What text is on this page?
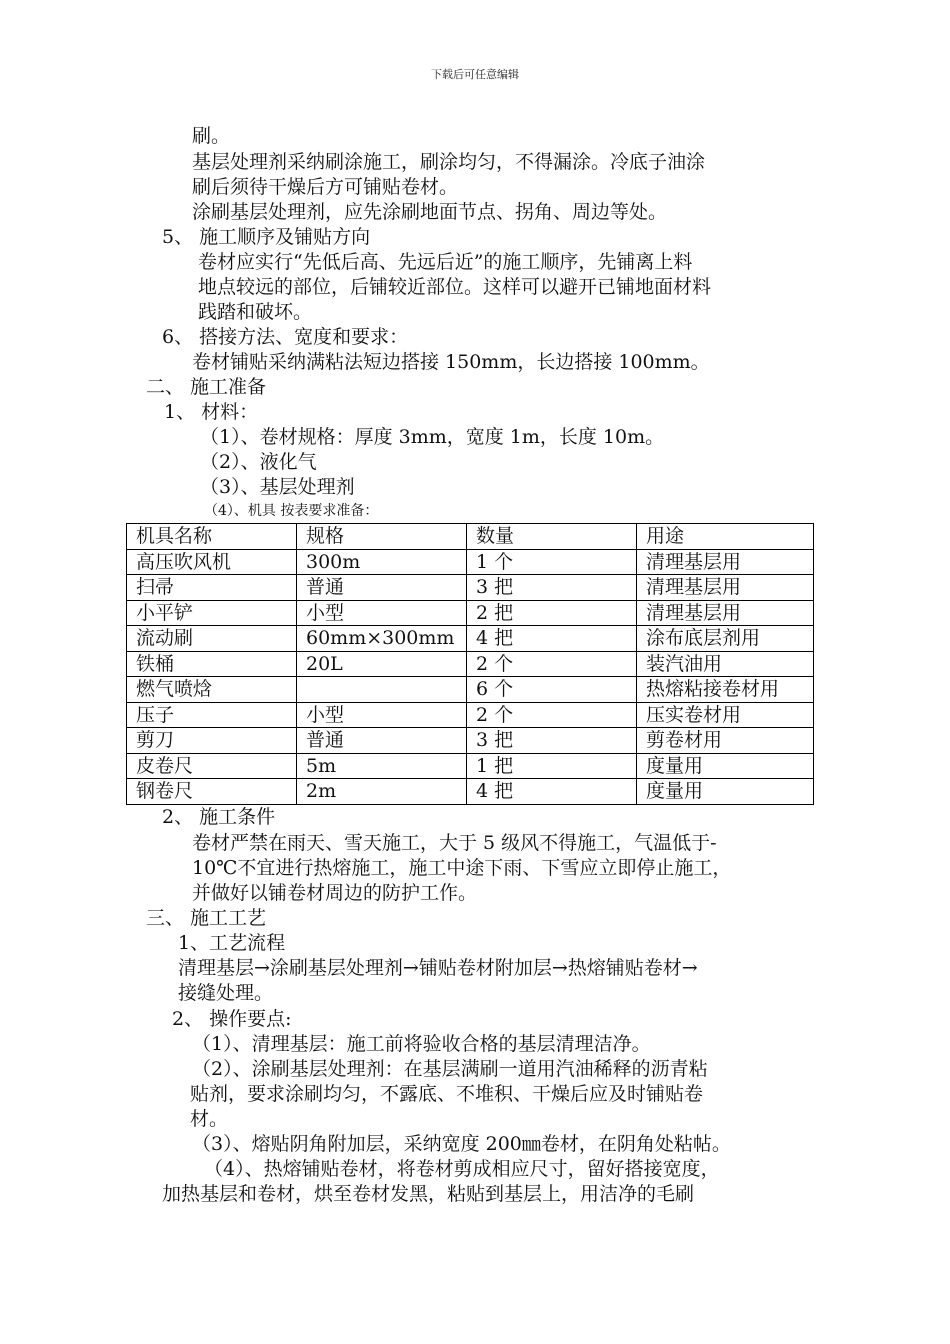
下载后可任意编辑
刷。
基层处理剂采纳刷涂施工，刷涂均匀，不得漏涂。冷底子油涂
刷后须待干燥后方可铺贴卷材。
涂刷基层处理剂，应先涂刷地面节点、拐角、周边等处。
5、 施工顺序及铺贴方向
卷材应实行“先低后高、先远后近”的施工顺序，先铺离上料
地点较远的部位，后铺较近部位。这样可以避开已铺地面材料
践踏和破坏。
6、 搭接方法、宽度和要求：
卷材铺贴采纳满粘法短边搭接 150mm，长边搭接 100mm。
二、 施工准备
1、 材料：
（1）、卷材规格：厚度 3mm，宽度 1m，长度 10m。
（2）、液化气
（3）、基层处理剂
（4）、机具 按表要求准备：
机具名称	规格	数量	用途
高压吹风机	300m	1 个	清理基层用
扫帚	普通	3 把	清理基层用
小平铲	小型	2 把	清理基层用
流动刷	60mm×300mm	4 把	涂布底层剂用
铁桶	20L	2 个	装汽油用
燃气喷焓		6 个	热熔粘接卷材用
压子	小型	2 个	压实卷材用
剪刀	普通	3 把	剪卷材用
皮卷尺	5m	1 把	度量用
钢卷尺	2m	4 把	度量用
2、 施工条件
卷材严禁在雨天、雪天施工，大于 5 级风不得施工，气温低于-
10℃不宜进行热熔施工，施工中途下雨、下雪应立即停止施工，
并做好以铺卷材周边的防护工作。
三、 施工工艺
1、工艺流程
清理基层→涂刷基层处理剂→铺贴卷材附加层→热熔铺贴卷材→
接缝处理。
2、 操作要点:
（1）、清理基层：施工前将验收合格的基层清理洁净。
（2）、涂刷基层处理剂：在基层满刷一道用汽油稀释的沥青粘
贴剂，要求涂刷均匀，不露底、不堆积、干燥后应及时铺贴卷
材。
（3）、熔贴阴角附加层，采纳宽度 200㎜卷材，在阴角处粘帖。
（4）、热熔铺贴卷材，将卷材剪成相应尺寸，留好搭接宽度，
加热基层和卷材，烘至卷材发黑，粘贴到基层上，用洁净的毛刷
